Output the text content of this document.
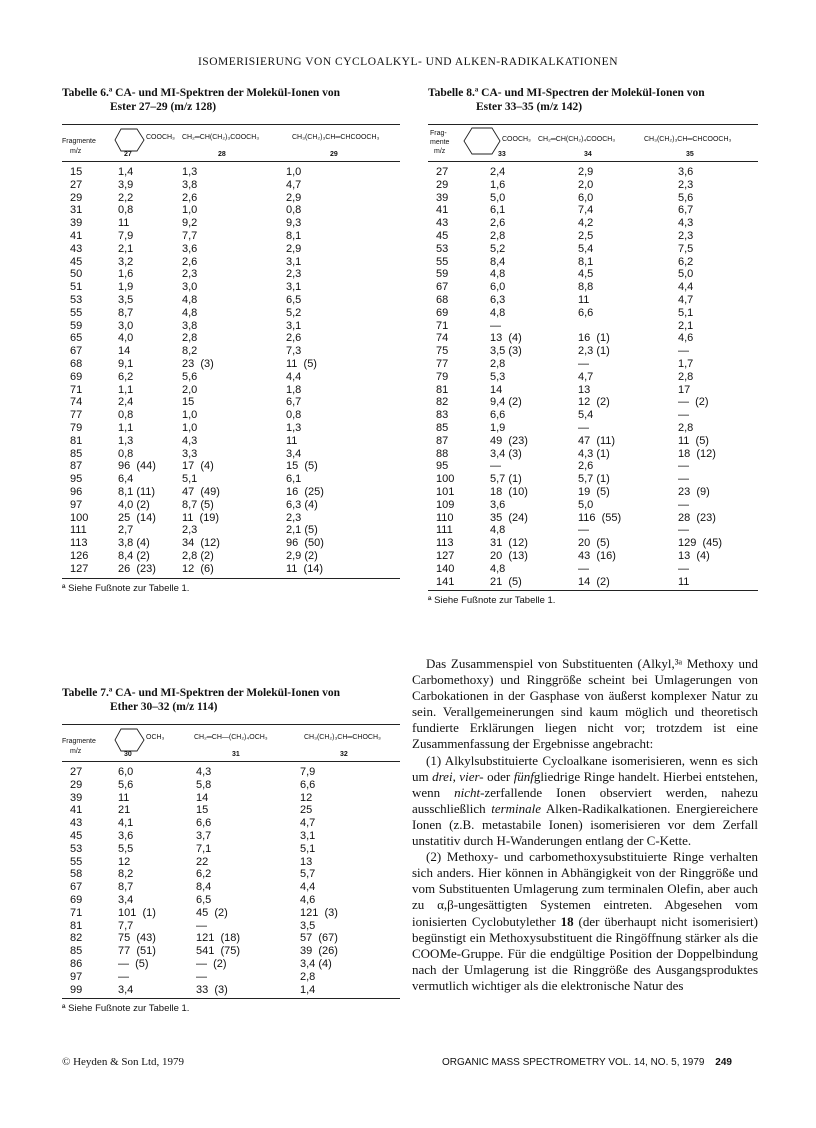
ISOMERISIERUNG VON CYCLOALKYL- UND ALKEN-RADIKALKATIONEN
Tabelle 6.ª CA- und MI-Spektren der Molekül-Ionen von
Ester 27–29 (m/z 128)
Fragmente
m/z
COOCH₃
27
CH₂═CH(CH₂)₃COOCH₃
28
CH₃(CH₂)₃CH═CHCOOCH₃
29
15	1,4	1,3	1,0
27	3,9	3,8	4,7
29	2,2	2,6	2,9
31	0,8	1,0	0,8
39	11	9,2	9,3
41	7,9	7,7	8,1
43	2,1	3,6	2,9
45	3,2	2,6	3,1
50	1,6	2,3	2,3
51	1,9	3,0	3,1
53	3,5	4,8	6,5
55	8,7	4,8	5,2
59	3,0	3,8	3,1
65	4,0	2,8	2,6
67	14	8,2	7,3
68	9,1	23  (3)	11  (5)
69	6,2	5,6	4,4
71	1,1	2,0	1,8
74	2,4	15	6,7
77	0,8	1,0	0,8
79	1,1	1,0	1,3
81	1,3	4,3	11
85	0,8	3,3	3,4
87	96  (44)	17  (4)	15  (5)
95	6,4	5,1	6,1
96	8,1 (11)	47  (49)	16  (25)
97	4,0 (2)	8,7 (5)	6,3 (4)
100	25  (14)	11  (19)	2,3
111	2,7	2,3	2,1 (5)
113	3,8 (4)	34  (12)	96  (50)
126	8,4 (2)	2,8 (2)	2,9 (2)
127	26  (23)	12  (6)	11  (14)
ª Siehe Fußnote zur Tabelle 1.
Tabelle 7.ª CA- und MI-Spektren der Molekül-Ionen von
Ether 30–32 (m/z 114)
Fragmente
m/z
OCH₃
30
CH₂═CH—(CH₂)₄OCH₃
31
CH₃(CH₂)₃CH═CHOCH₃
32
27	6,0	4,3	7,9
29	5,6	5,8	6,6
39	11	14	12
41	21	15	25
43	4,1	6,6	4,7
45	3,6	3,7	3,1
53	5,5	7,1	5,1
55	12	22	13
58	8,2	6,2	5,7
67	8,7	8,4	4,4
69	3,4	6,5	4,6
71	101  (1)	45  (2)	121  (3)
81	7,7	—	3,5
82	75  (43)	121  (18)	57  (67)
85	77  (51)	541  (75)	39  (26)
86	—  (5)	—  (2)	3,4 (4)
97	—	—	2,8
99	3,4	33  (3)	1,4
ª Siehe Fußnote zur Tabelle 1.
Tabelle 8.ª CA- und MI-Spectren der Molekül-Ionen von
Ester 33–35 (m/z 142)
Frag-
mente
m/z
COOCH₃
33
CH₂═CH(CH₂)₄COOCH₃
34
CH₃(CH₂)₃CH═CHCOOCH₃
35
27	2,4	2,9	3,6
29	1,6	2,0	2,3
39	5,0	6,0	5,6
41	6,1	7,4	6,7
43	2,6	4,2	4,3
45	2,8	2,5	2,3
53	5,2	5,4	7,5
55	8,4	8,1	6,2
59	4,8	4,5	5,0
67	6,0	8,8	4,4
68	6,3	11	4,7
69	4,8	6,6	5,1
71	—		2,1
74	13  (4)	16  (1)	4,6
75	3,5 (3)	2,3 (1)	—
77	2,8	—	1,7
79	5,3	4,7	2,8
81	14	13	17
82	9,4 (2)	12  (2)	—  (2)
83	6,6	5,4	—
85	1,9	—	2,8
87	49  (23)	47  (11)	11  (5)
88	3,4 (3)	4,3 (1)	18  (12)
95	—	2,6	—
100	5,7 (1)	5,7 (1)	—
101	18  (10)	19  (5)	23  (9)
109	3,6	5,0	—
110	35  (24)	116  (55)	28  (23)
111	4,8	—	—
113	31  (12)	20  (5)	129  (45)
127	20  (13)	43  (16)	13  (4)
140	4,8	—	—
141	21  (5)	14  (2)	11
ª Siehe Fußnote zur Tabelle 1.

Das Zusammenspiel von Substituenten (Alkyl,³ᵃ Methoxy und Carbomethoxy) und Ringgröße scheint bei Umlagerungen von Carbokationen in der Gasphase von äußerst komplexer Natur zu sein. Verallgemeinerungen sind kaum möglich und theoretisch fundierte Erklärungen liegen nicht vor; trotzdem ist eine Zusammenfassung der Ergebnisse angebracht:

(1) Alkylsubstituierte Cycloalkane isomerisieren, wenn es sich um drei, vier- oder fünfgliedrige Ringe handelt. Hierbei entstehen, wenn nicht-zerfallende Ionen observiert werden, nahezu ausschließlich terminale Alken-Radikalkationen. Energiereichere Ionen (z.B. metastabile Ionen) isomerisieren vor dem Zerfall unstatitiv durch H-Wanderungen entlang der C-Kette.

(2) Methoxy- und carbomethoxysubstituierte Ringe verhalten sich anders. Hier können in Abhängigkeit von der Ringgröße und vom Substituenten Umlagerung zum terminalen Olefin, aber auch zu α,β-ungesättigten Systemen eintreten. Abgesehen vom ionisierten Cyclobutylether 18 (der überhaupt nicht isomerisiert) begünstigt ein Methoxysubstituent die Ringöffnung stärker als die COOMe-Gruppe. Für die endgültige Position der Doppelbindung nach der Umlagerung ist die Ringgröße des Ausgangsproduktes vermutlich wichtiger als die elektronische Natur des

© Heyden & Son Ltd, 1979	ORGANIC MASS SPECTROMETRY VOL. 14, NO. 5, 1979 249
